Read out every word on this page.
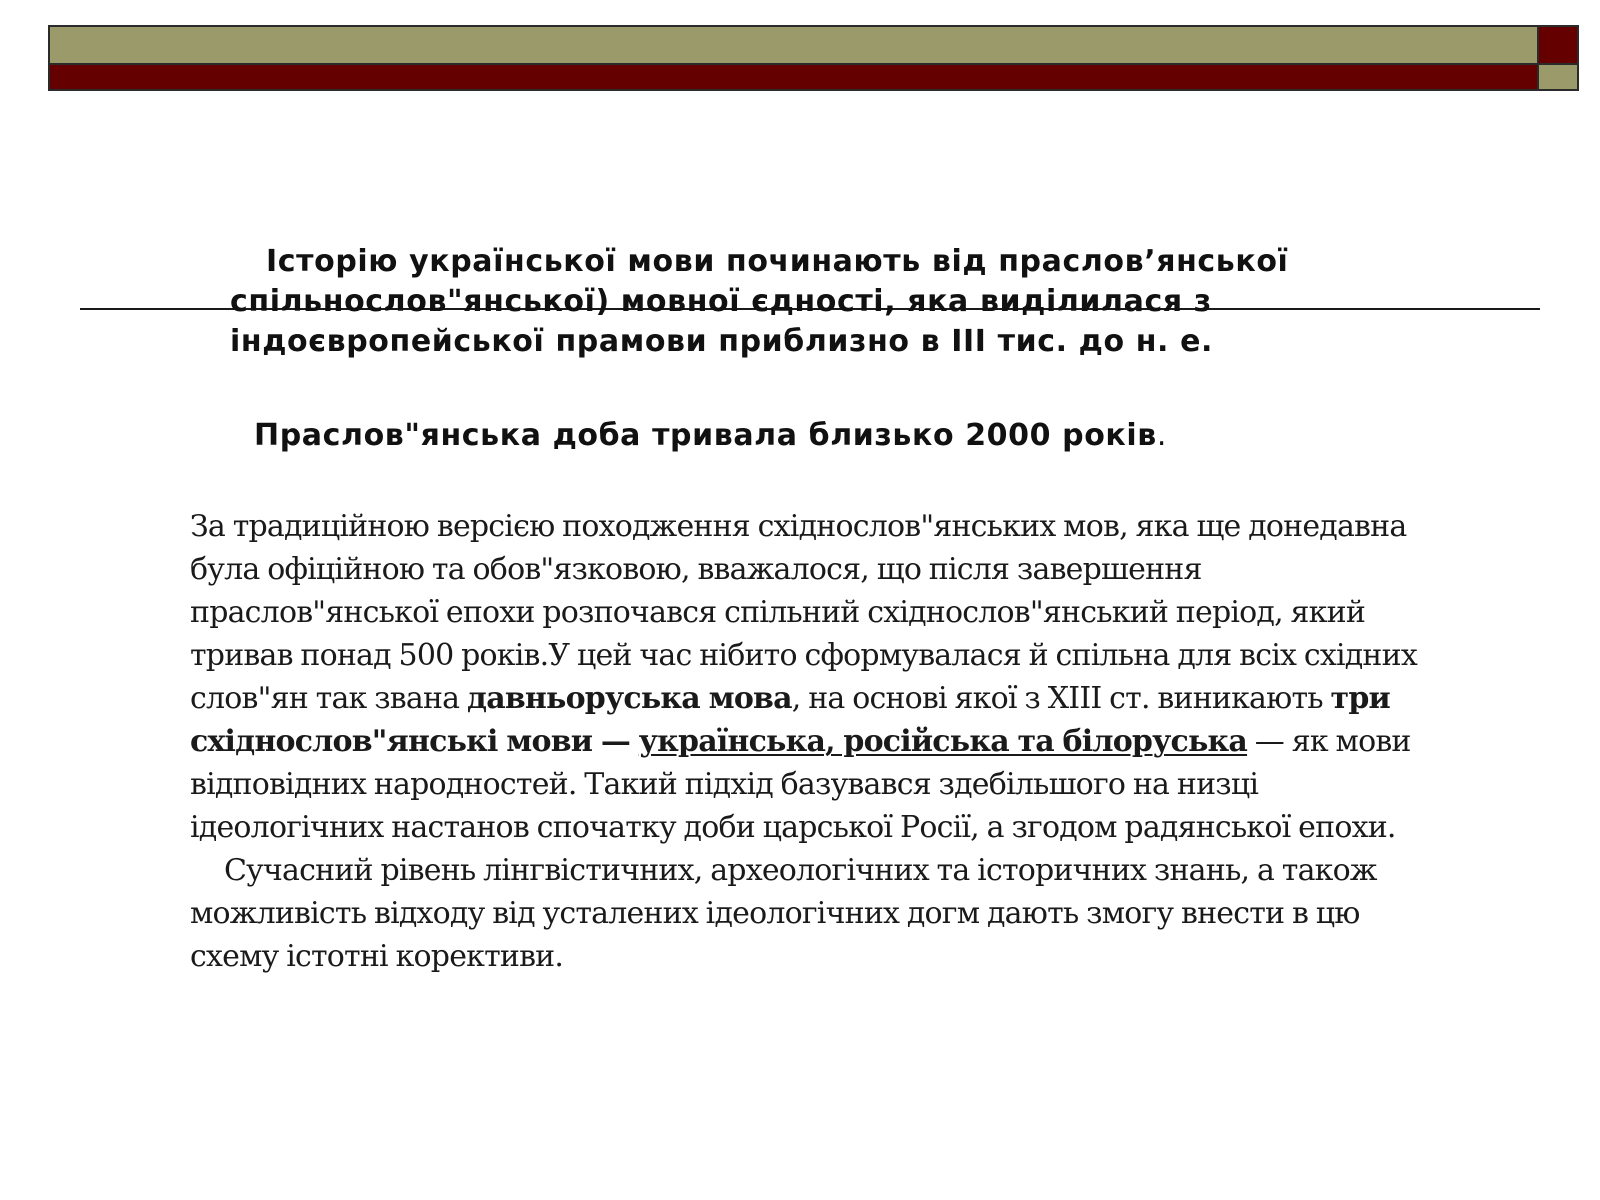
Історію української мови починають від праслов’янської
спільнослов"янської) мовної єдності, яка виділилася з
індоєвропейської прамови приблизно в ІІІ тис. до н. е.
Праслов"янська доба тривала близько 2000 років.
За традиційною версією походження східнослов"янських мов, яка ще донедавна була офіційною та обов"язковою, вважалося, що після завершення праслов"янської епохи розпочався спільний східнослов"янський період, який тривав понад 500 років.У цей час нібито сформувалася й спільна для всіх східних слов"ян так звана давньоруська мова, на основі якої з XIII ст. виникають три східнослов"янські мови — українська, російська та білоруська — як мови відповідних народностей. Такий підхід базувався здебільшого на низці ідеологічних настанов спочатку доби царської Росії, а згодом радянської епохи.
Сучасний рівень лінгвістичних, археологічних та історичних знань, а також можливість відходу від усталених ідеологічних догм дають змогу внести в цю схему істотні корективи.
